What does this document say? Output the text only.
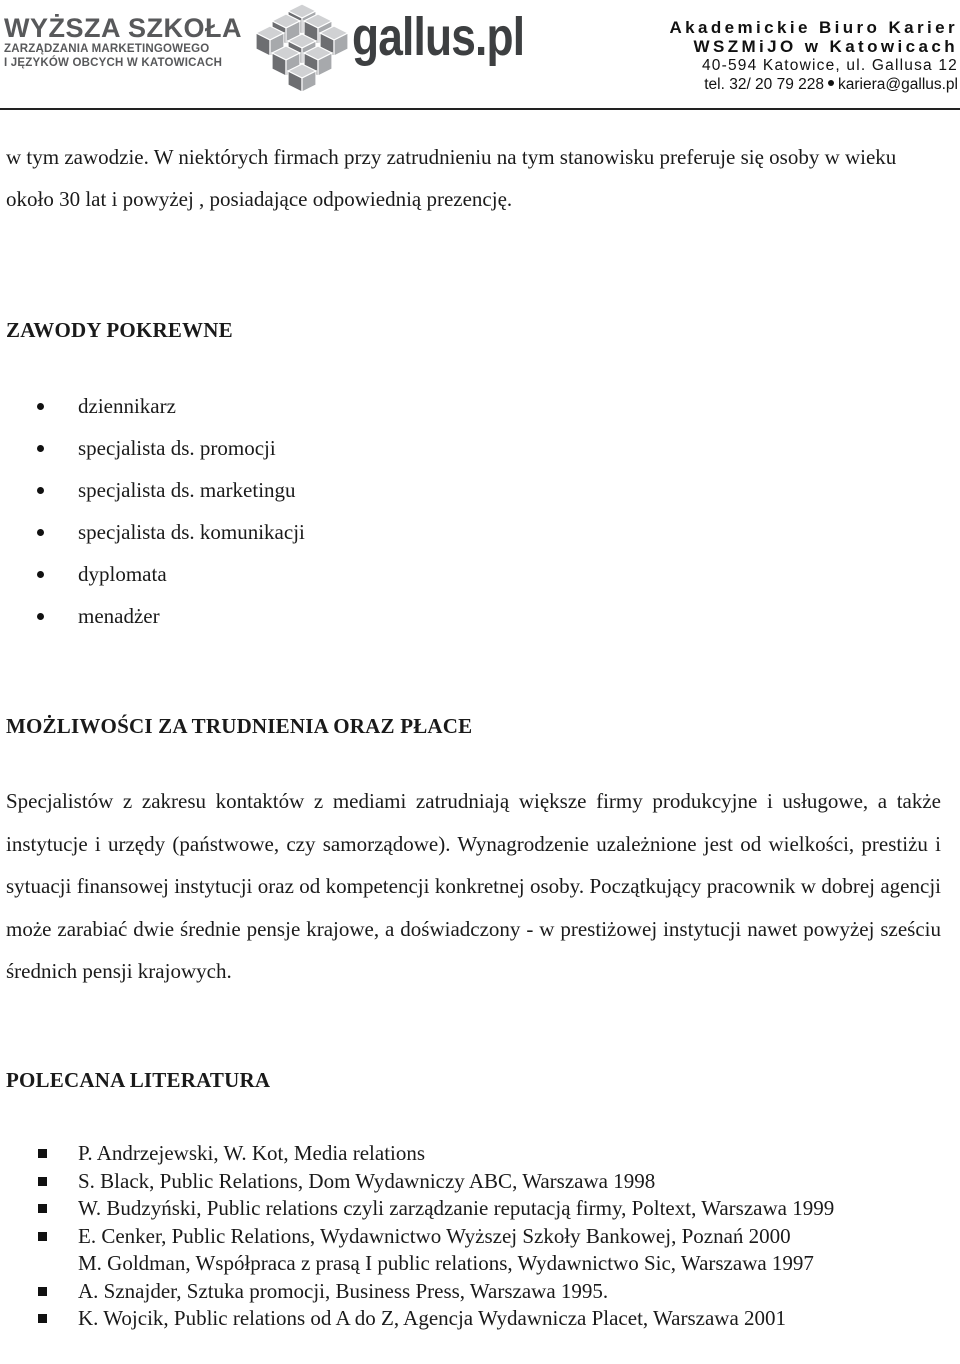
WYŻSZA SZKOŁA
ZARZĄDZANIA MARKETINGOWEGO
I JĘZYKÓW OBCYCH W KATOWICACH	gallus.pl	Akademickie Biuro Karier
WSZMiJO w Katowicach
40-594 Katowice, ul. Gallusa 12
tel. 32/ 20 79 228 kariera@gallus.pl

w tym zawodzie. W niektórych firmach przy zatrudnieniu na tym stanowisku preferuje się osoby w wieku około 30 lat i powyżej , posiadające odpowiednią prezencję.

ZAWODY POKREWNE
dziennikarz
specjalista ds. promocji
specjalista ds. marketingu
specjalista ds. komunikacji
dyplomata
menadżer
MOŻLIWOŚCI ZA TRUDNIENIA ORAZ PŁACE

Specjalistów z zakresu kontaktów z mediami zatrudniają większe firmy produkcyjne i usługowe, a także instytucje i urzędy (państwowe, czy samorządowe). Wynagrodzenie uzależnione jest od wielkości, prestiżu i sytuacji finansowej instytucji oraz od kompetencji konkretnej osoby. Początkujący pracownik w dobrej agencji może zarabiać dwie średnie pensje krajowe, a doświadczony - w prestiżowej instytucji nawet powyżej sześciu średnich pensji krajowych.

POLECANA LITERATURA
P. Andrzejewski, W. Kot, Media relations
S. Black, Public Relations, Dom Wydawniczy ABC, Warszawa 1998
W. Budzyński, Public relations czyli zarządzanie reputacją firmy, Poltext, Warszawa 1999
E. Cenker, Public Relations, Wydawnictwo Wyższej Szkoły Bankowej, Poznań 2000
M. Goldman, Współpraca z prasą I public relations, Wydawnictwo Sic, Warszawa 1997
A. Sznajder, Sztuka promocji, Business Press, Warszawa 1995.
K. Wojcik, Public relations od A do Z, Agencja Wydawnicza Placet, Warszawa 2001
